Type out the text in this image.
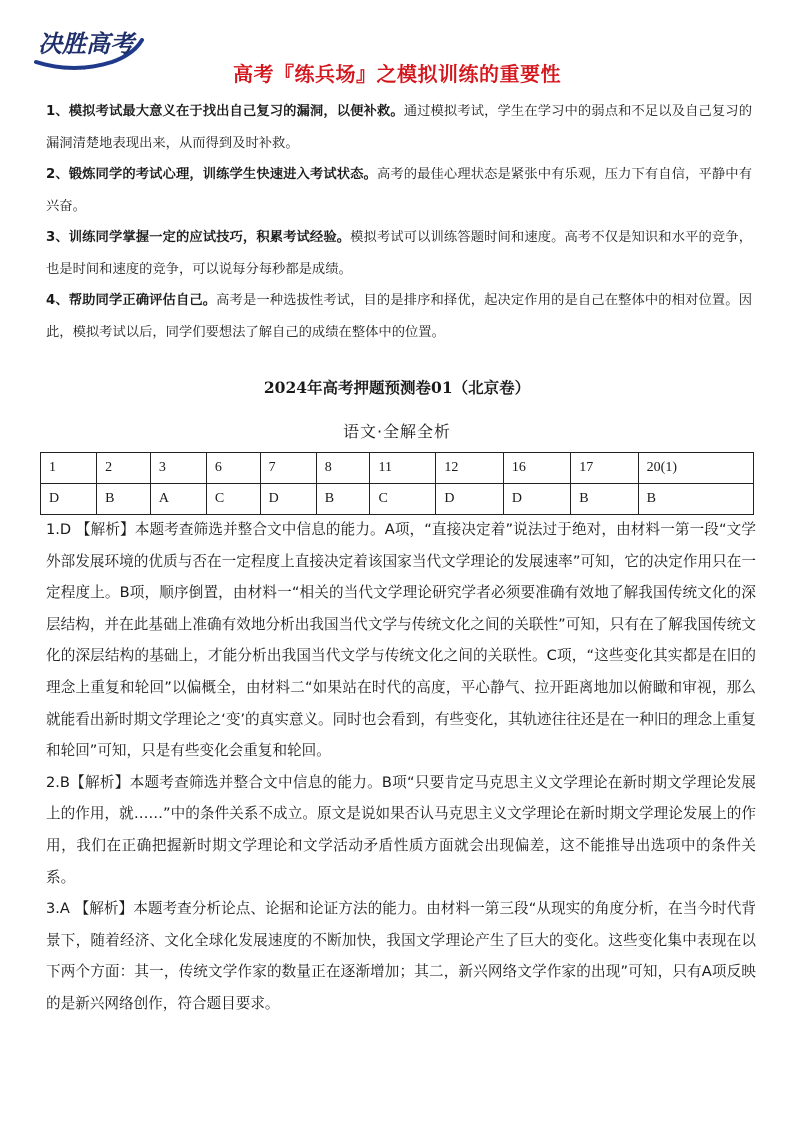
决胜高考
· · · · · ·	高考『练兵场』之模拟训练的重要性

1、模拟考试最大意义在于找出自己复习的漏洞，以便补救。通过模拟考试，学生在学习中的弱点和不足以及自己复习的漏洞清楚地表现出来，从而得到及时补救。

2、锻炼同学的考试心理，训练学生快速进入考试状态。高考的最佳心理状态是紧张中有乐观，压力下有自信，平静中有兴奋。

3、训练同学掌握一定的应试技巧，积累考试经验。模拟考试可以训练答题时间和速度。高考不仅是知识和水平的竞争，也是时间和速度的竞争，可以说每分每秒都是成绩。

4、帮助同学正确评估自己。高考是一种选拔性考试，目的是排序和择优，起决定作用的是自己在整体中的相对位置。因此，模拟考试以后，同学们要想法了解自己的成绩在整体中的位置。

2024年高考押题预测卷01（北京卷）
语文·全解全析
1	2	3	6	7	8	11	12	16	17	20(1)
D	B	A	C	D	B	C	D	D	B	B

1.D 【解析】本题考查筛选并整合文中信息的能力。A项，“直接决定着”说法过于绝对，由材料一第一段“文学外部发展环境的优质与否在一定程度上直接决定着该国家当代文学理论的发展速率”可知，它的决定作用只在一定程度上。B项，顺序倒置，由材料一“相关的当代文学理论研究学者必须要准确有效地了解我国传统文化的深层结构，并在此基础上准确有效地分析出我国当代文学与传统文化之间的关联性”可知，只有在了解我国传统文化的深层结构的基础上，才能分析出我国当代文学与传统文化之间的关联性。C项，“这些变化其实都是在旧的理念上重复和轮回”以偏概全，由材料二“如果站在时代的高度，平心静气、拉开距离地加以俯瞰和审视，那么就能看出新时期文学理论之‘变’的真实意义。同时也会看到，有些变化，其轨迹往往还是在一种旧的理念上重复和轮回”可知，只是有些变化会重复和轮回。

2.B【解析】本题考查筛选并整合文中信息的能力。B项“只要肯定马克思主义文学理论在新时期文学理论发展上的作用，就……”中的条件关系不成立。原文是说如果否认马克思主义文学理论在新时期文学理论发展上的作用，我们在正确把握新时期文学理论和文学活动矛盾性质方面就会出现偏差，这不能推导出选项中的条件关系。

3.A 【解析】本题考查分析论点、论据和论证方法的能力。由材料一第三段“从现实的角度分析，在当今时代背景下，随着经济、文化全球化发展速度的不断加快，我国文学理论产生了巨大的变化。这些变化集中表现在以下两个方面：其一，传统文学作家的数量正在逐渐增加；其二，新兴网络文学作家的出现”可知，只有A项反映的是新兴网络创作，符合题目要求。
